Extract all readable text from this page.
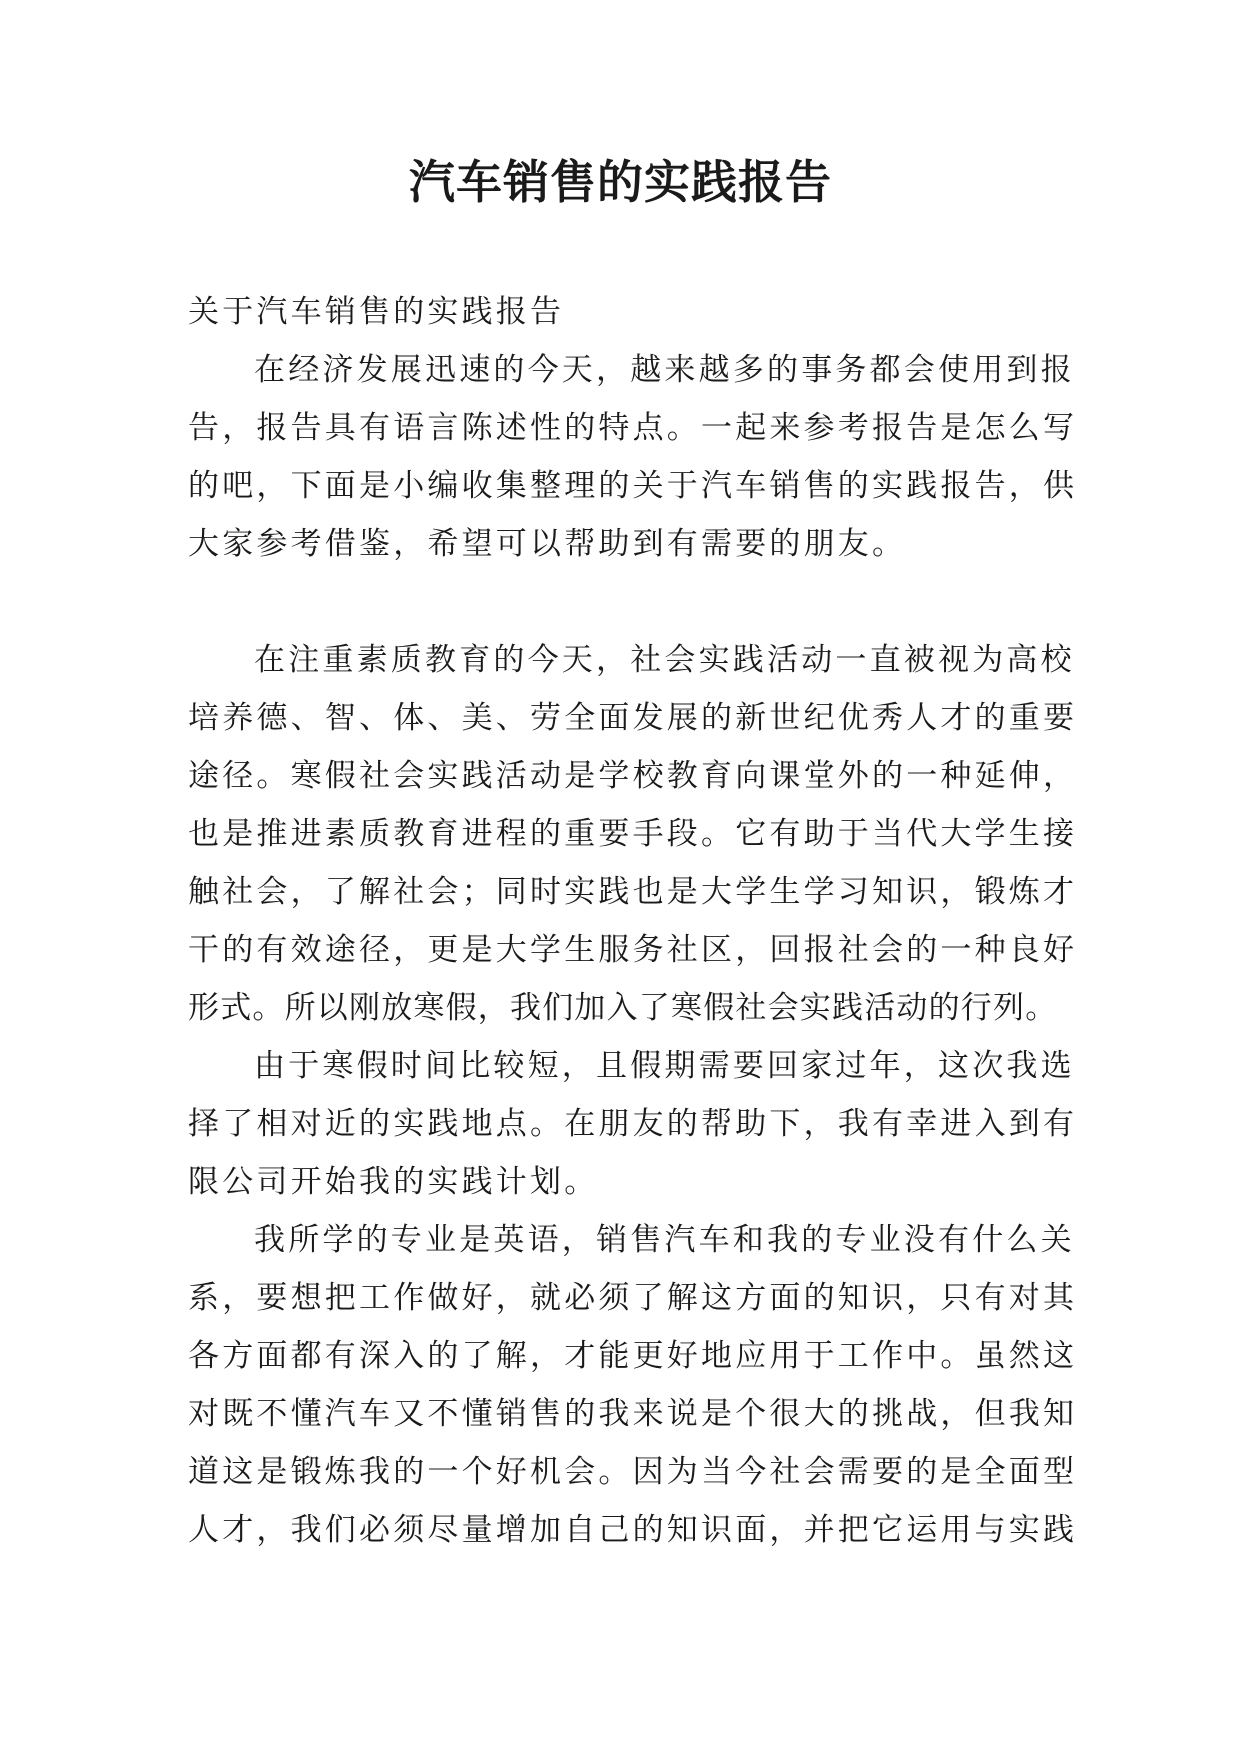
汽车销售的实践报告
关于汽车销售的实践报告
在经济发展迅速的今天，越来越多的事务都会使用到报
告，报告具有语言陈述性的特点。一起来参考报告是怎么写
的吧，下面是小编收集整理的关于汽车销售的实践报告，供
大家参考借鉴，希望可以帮助到有需要的朋友。
在注重素质教育的今天，社会实践活动一直被视为高校
培养德、智、体、美、劳全面发展的新世纪优秀人才的重要
途径。寒假社会实践活动是学校教育向课堂外的一种延伸，
也是推进素质教育进程的重要手段。它有助于当代大学生接
触社会，了解社会；同时实践也是大学生学习知识，锻炼才
干的有效途径，更是大学生服务社区，回报社会的一种良好
形式。所以刚放寒假，我们加入了寒假社会实践活动的行列。
由于寒假时间比较短，且假期需要回家过年，这次我选
择了相对近的实践地点。在朋友的帮助下，我有幸进入到有
限公司开始我的实践计划。
我所学的专业是英语，销售汽车和我的专业没有什么关
系，要想把工作做好，就必须了解这方面的知识，只有对其
各方面都有深入的了解，才能更好地应用于工作中。虽然这
对既不懂汽车又不懂销售的我来说是个很大的挑战，但我知
道这是锻炼我的一个好机会。因为当今社会需要的是全面型
人才，我们必须尽量增加自己的知识面，并把它运用与实践
